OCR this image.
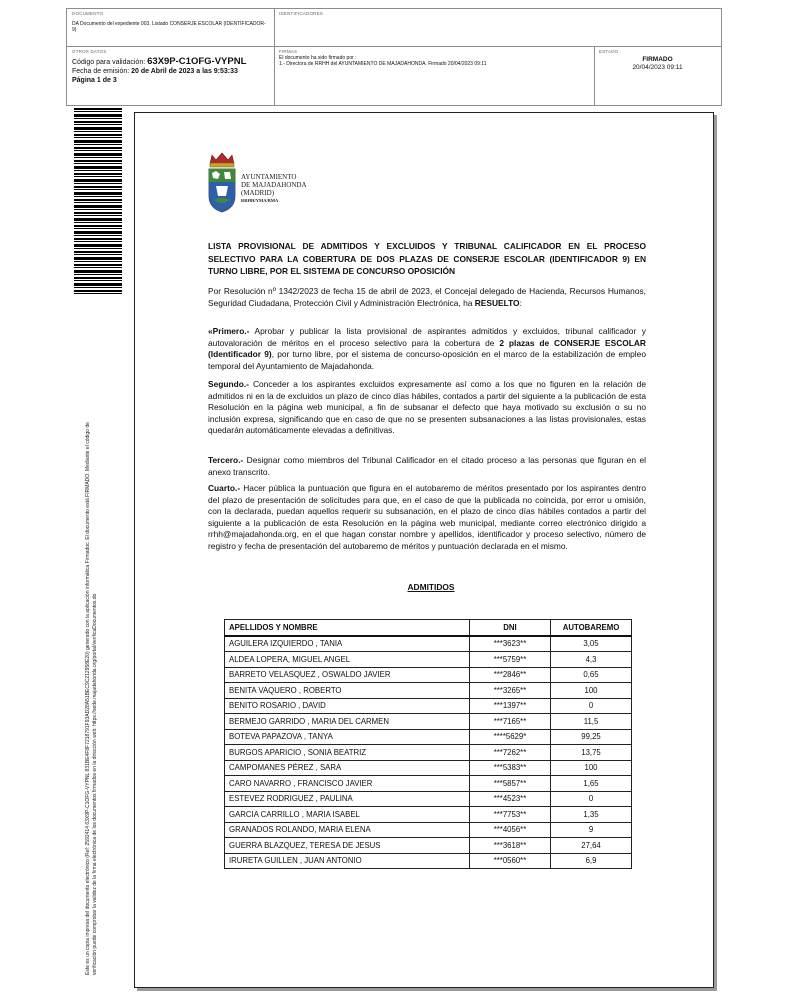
DOCUMENTO
DA Documento del expediente 003. Listado CONSERJE ESCOLAR (IDENTIFICADOR-9)
IDENTIFICADORES
OTROS DATOS
Código para validación: 63X9P-C1OFG-VYPNL
Fecha de emisión: 20 de Abril de 2023 a las 9:53:33
Página 1 de 3
FIRMAS
El documento ha sido firmado por :
1.- Directora de RRHH del AYUNTAMIENTO DE MAJADAHONDA. Firmado 20/04/2023 09:11
ESTADO
FIRMADO
20/04/2023 09:11
Este es un copia impresa del documento electrónico (Ref: 2592414 63X9P-C1OFG-VYPNL 831BE4F8F7218791F93AD28A51BEC9C212958E20) generado con la aplicación informática Firmadoc. El documento está FIRMADO. Mediante el código de verificación puede comprobar la validez de la firma electrónica de los documentos firmados en la dirección web: https://sede.majadahonda.org/portal/verificaDocumentos.do
AYUNTAMIENTO
DE MAJADAHONDA
(MADRID)
RRHH/YMA/BMA
LISTA PROVISIONAL DE ADMITIDOS Y EXCLUIDOS Y TRIBUNAL CALIFICADOR EN EL PROCESO SELECTIVO PARA LA COBERTURA DE DOS PLAZAS DE CONSERJE ESCOLAR (IDENTIFICADOR 9) EN TURNO LIBRE, POR EL SISTEMA DE CONCURSO OPOSICIÓN
Por Resolución nº 1342/2023 de fecha 15 de abril de 2023, el Concejal delegado de Hacienda, Recursos Humanos, Seguridad Ciudadana, Protección Civil y Administración Electrónica, ha RESUELTO:
«Primero.- Aprobar y publicar la lista provisional de aspirantes admitidos y excluidos, tribunal calificador y autovaloración de méritos en el proceso selectivo para la cobertura de 2 plazas de CONSERJE ESCOLAR (Identificador 9), por turno libre, por el sistema de concurso-oposición en el marco de la estabilización de empleo temporal del Ayuntamiento de Majadahonda.
Segundo.- Conceder a los aspirantes excluidos expresamente así como a los que no figuren en la relación de admitidos ni en la de excluidos un plazo de cinco días hábiles, contados a partir del siguiente a la publicación de esta Resolución en la página web municipal, a fin de subsanar el defecto que haya motivado su exclusión o su no inclusión expresa, significando que en caso de que no se presenten subsanaciones a las listas provisionales, estas quedarán automáticamente elevadas a definitivas.
Tercero.- Designar como miembros del Tribunal Calificador en el citado proceso a las personas que figuran en el anexo transcrito.
Cuarto.- Hacer pública la puntuación que figura en el autobaremo de méritos presentado por los aspirantes dentro del plazo de presentación de solicitudes para que, en el caso de que la publicada no coincida, por error u omisión, con la declarada, puedan aquellos requerir su subsanación, en el plazo de cinco días hábiles contados a partir del siguiente a la publicación de esta Resolución en la página web municipal, mediante correo electrónico dirigido a rrhh@majadahonda.org, en el que hagan constar nombre y apellidos, identificador y proceso selectivo, número de registro y fecha de presentación del autobaremo de méritos y puntuación declarada en el mismo.
ADMITIDOS
APELLIDOS Y NOMBRE	DNI	AUTOBAREMO
AGUILERA IZQUIERDO , TANIA	***3623**	3,05
ALDEA LOPERA, MIGUEL ANGEL	***5759**	4,3
BARRETO VELASQUEZ , OSWALDO JAVIER	***2846**	0,65
BENITA VAQUERO , ROBERTO	***3265**	100
BENITO ROSARIO , DAVID	***1397**	0
BERMEJO GARRIDO , MARIA DEL CARMEN	***7165**	11,5
BOTEVA PAPAZOVA , TANYA	****5629*	99,25
BURGOS APARICIO , SONIA BEATRIZ	***7262**	13,75
CAMPOMANES PÉREZ , SARA	***5383**	100
CARO NAVARRO , FRANCISCO JAVIER	***5857**	1,65
ESTEVEZ RODRIGUEZ , PAULINA	***4523**	0
GARCIA CARRILLO , MARIA ISABEL	***7753**	1,35
GRANADOS ROLANDO, MARIA ELENA	***4056**	9
GUERRA BLAZQUEZ, TERESA DE JESUS	***3618**	27,64
IRURETA GUILLEN , JUAN ANTONIO	***0560**	6,9
